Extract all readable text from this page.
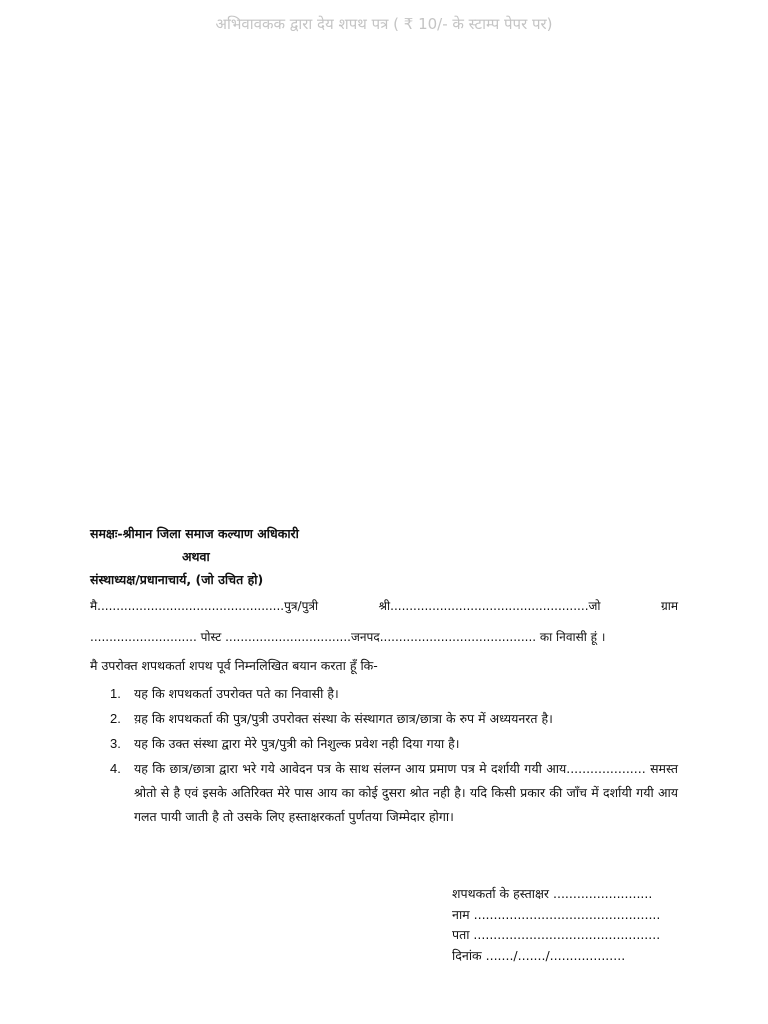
अभिवावकक द्वारा देय शपथ पत्र ( ₹ 10/- के स्टाम्प पेपर पर)
समक्षः-श्रीमान जिला समाज कल्याण अधिकारी
अथवा
संस्थाध्यक्ष/प्रधानाचार्य, (जो उचित हो)
मै.................................................पुत्र/पुत्री	श्री....................................................जो	ग्राम
............................ पोस्ट .................................जनपद......................................... का निवासी हूं ।
मै उपरोक्त शपथकर्ता शपथ पूर्व निम्नलिखित बयान करता हूँ कि-
1.	यह कि शपथकर्ता उपरोक्त पते का निवासी है।
2.	य़ह कि शपथकर्ता की पुत्र/पुत्री उपरोक्त संस्था के संस्थागत छात्र/छात्रा के रुप में अध्ययनरत है।
3.	यह कि उक्त संस्था द्वारा मेरे पुत्र/पुत्री को निशुल्क प्रवेश नही दिया गया है।
4.	यह कि छात्र/छात्रा द्वारा भरे गये आवेदन पत्र के साथ संलग्न आय प्रमाण पत्र मे दर्शायी गयी आय.................... समस्त श्रोतो से है एवं इसके अतिरिक्त मेरे पास आय का कोई दुसरा श्रोत नही है। यदि किसी प्रकार की जाँच में दर्शायी गयी आय गलत पायी जाती है तो उसके लिए हस्ताक्षरकर्ता पुर्णतया जिम्मेदार होगा।
शपथकर्ता के हस्ताक्षर .........................
नाम ...............................................
पता ...............................................
दिनांक ......./......./...................
